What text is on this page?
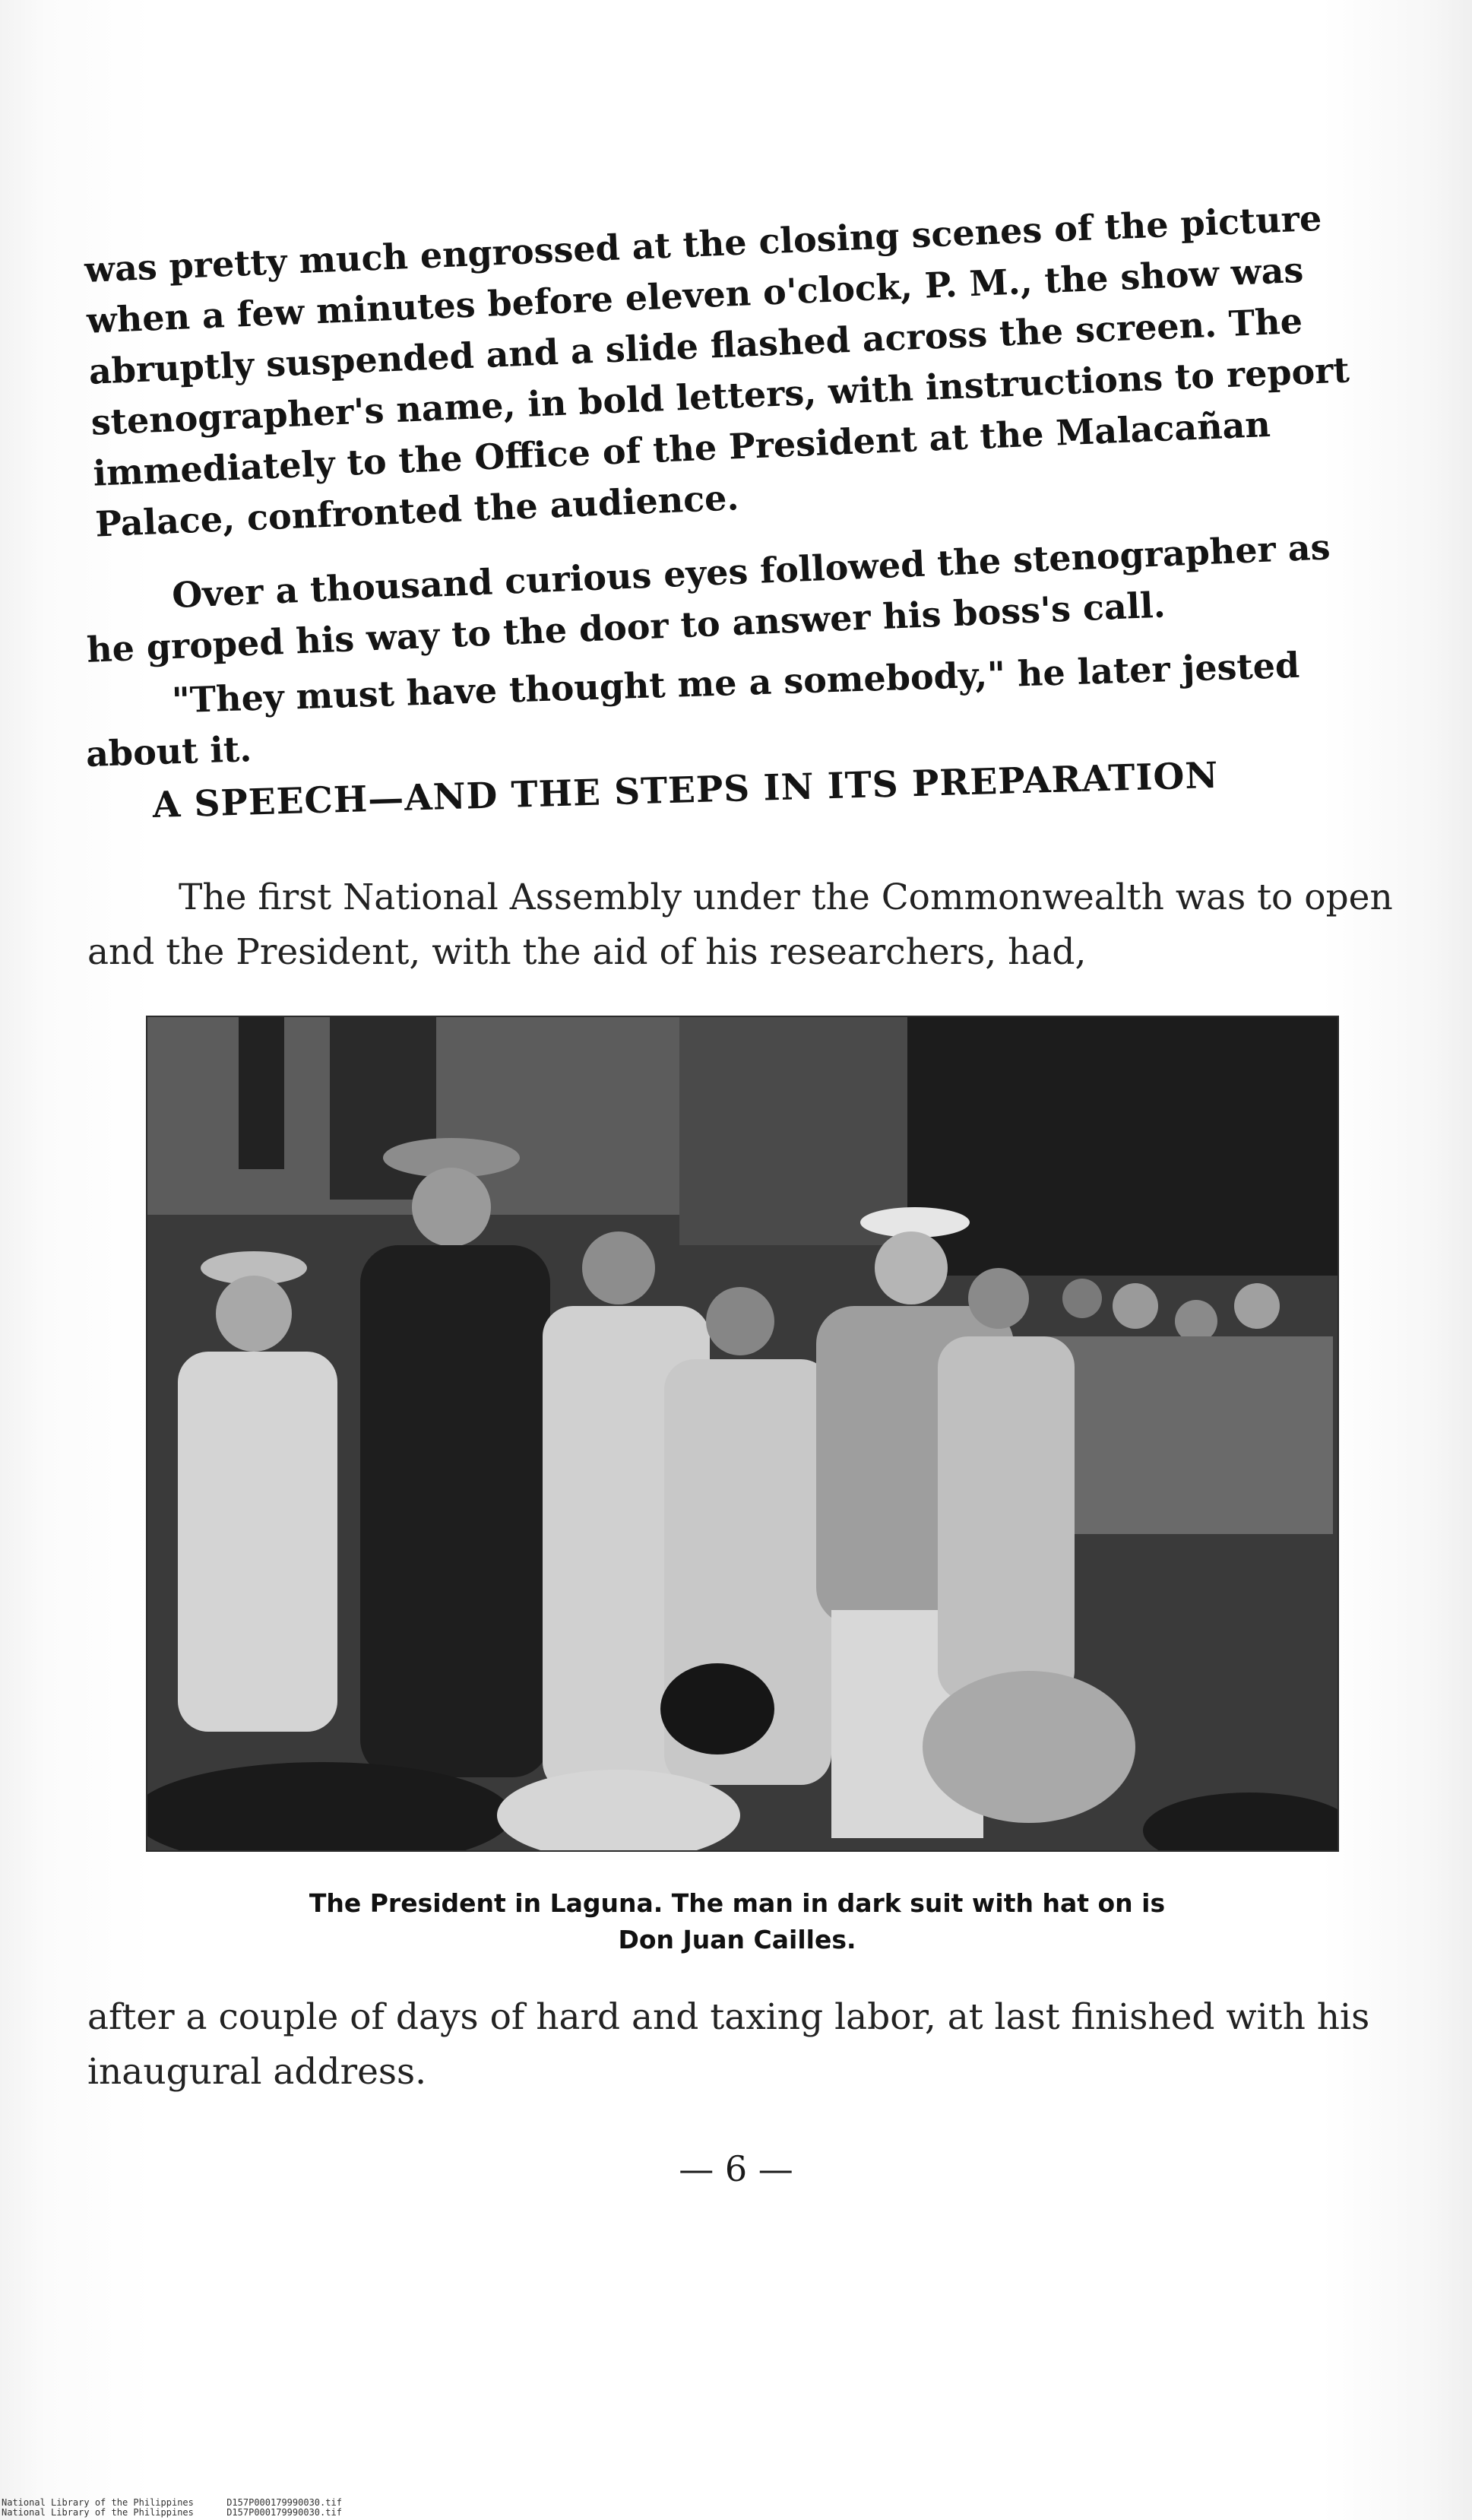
was pretty much engrossed at the closing scenes of the picture when a few minutes before eleven o'clock, P. M., the show was abruptly suspended and a slide flashed across the screen. The stenographer's name, in bold letters, with instructions to report immediately to the Office of the President at the Malacañan Palace, confronted the audience.

Over a thousand curious eyes followed the stenographer as he groped his way to the door to answer his boss's call.

"They must have thought me a somebody," he later jested about it.

A SPEECH—AND THE STEPS IN ITS PREPARATION

The first National Assembly under the Commonwealth was to open and the President, with the aid of his researchers, had,

The President in Laguna. The man in dark suit with hat on is
Don Juan Cailles.

after a couple of days of hard and taxing labor, at last finished with his inaugural address.

— 6 —

National Library of the Philippines      D157P000179990030.tif
National Library of the Philippines      D157P000179990030.tif
